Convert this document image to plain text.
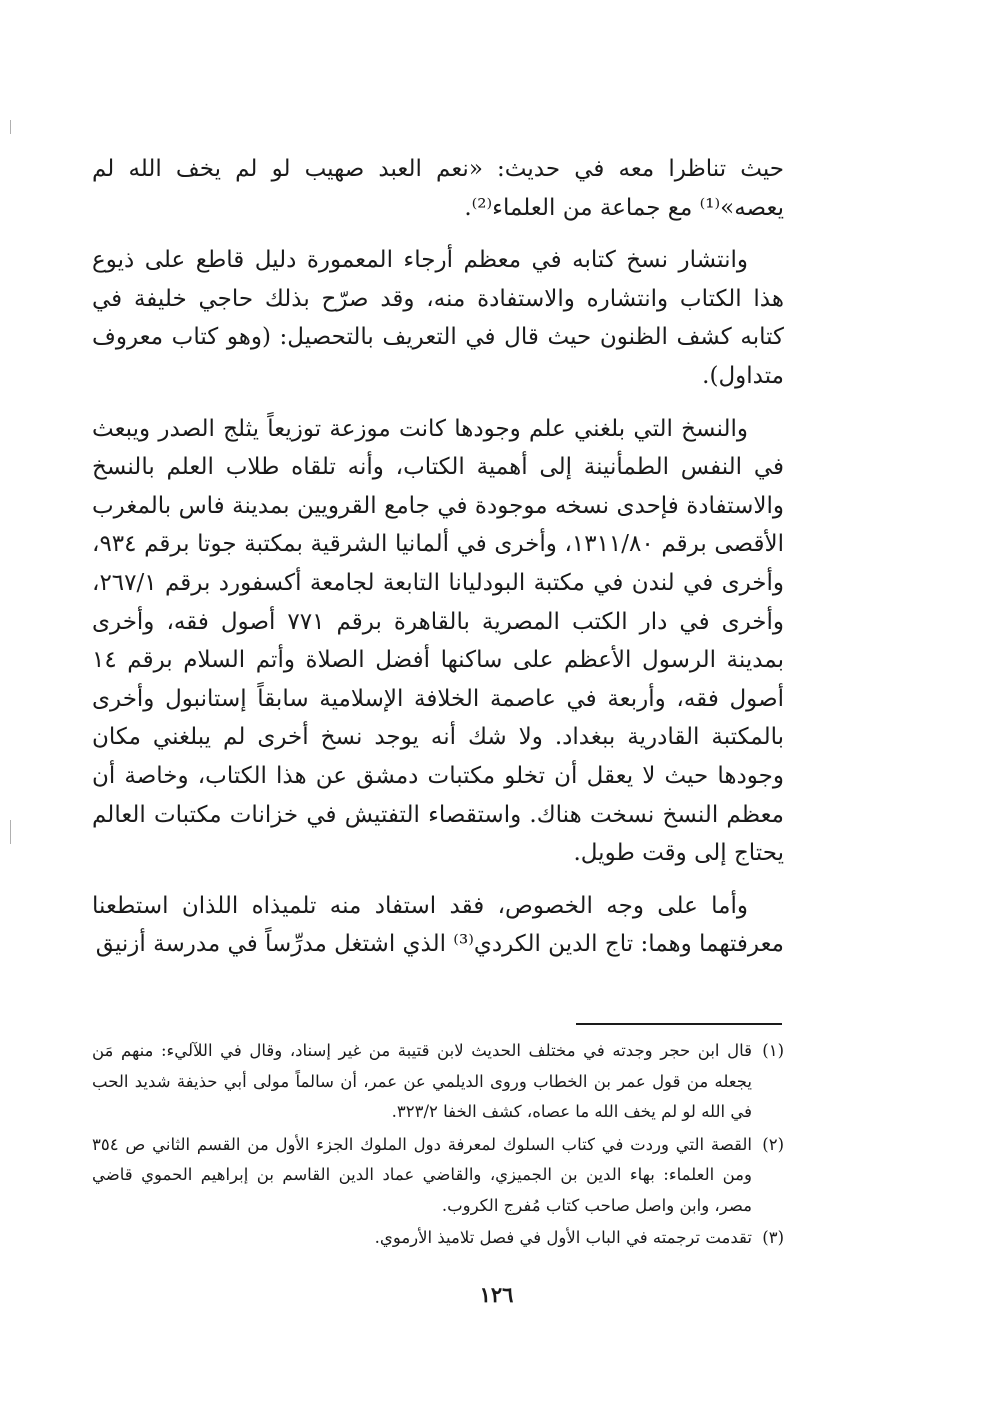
حيث تناظرا معه في حديث: «نعم العبد صهيب لو لم يخف الله لم يعصه»⁽¹⁾ مع جماعة من العلماء⁽²⁾.

وانتشار نسخ كتابه في معظم أرجاء المعمورة دليل قاطع على ذيوع هذا الكتاب وانتشاره والاستفادة منه، وقد صرّح بذلك حاجي خليفة في كتابه كشف الظنون حيث قال في التعريف بالتحصيل: (وهو كتاب معروف متداول).

والنسخ التي بلغني علم وجودها كانت موزعة توزيعاً يثلج الصدر ويبعث في النفس الطمأنينة إلى أهمية الكتاب، وأنه تلقاه طلاب العلم بالنسخ والاستفادة فإحدى نسخه موجودة في جامع القرويين بمدينة فاس بالمغرب الأقصى برقم ١٣١١/٨٠، وأخرى في ألمانيا الشرقية بمكتبة جوتا برقم ٩٣٤، وأخرى في لندن في مكتبة البودليانا التابعة لجامعة أكسفورد برقم ٢٦٧/١، وأخرى في دار الكتب المصرية بالقاهرة برقم ٧٧١ أصول فقه، وأخرى بمدينة الرسول الأعظم على ساكنها أفضل الصلاة وأتم السلام برقم ١٤ أصول فقه، وأربعة في عاصمة الخلافة الإسلامية سابقاً إستانبول وأخرى بالمكتبة القادرية ببغداد. ولا شك أنه يوجد نسخ أخرى لم يبلغني مكان وجودها حيث لا يعقل أن تخلو مكتبات دمشق عن هذا الكتاب، وخاصة أن معظم النسخ نسخت هناك. واستقصاء التفتيش في خزانات مكتبات العالم يحتاج إلى وقت طويل.

وأما على وجه الخصوص، فقد استفاد منه تلميذاه اللذان استطعنا معرفتهما وهما: تاج الدين الكردي⁽³⁾ الذي اشتغل مدرِّساً في مدرسة أزنيق

(١)
قال ابن حجر وجدته في مختلف الحديث لابن قتيبة من غير إسناد، وقال في اللآليء: منهم مَن يجعله من قول عمر بن الخطاب وروى الديلمي عن عمر، أن سالماً مولى أبي حذيفة شديد الحب في الله لو لم يخف الله ما عصاه، كشف الخفا ٣٢٣/٢.
(٢)
القصة التي وردت في كتاب السلوك لمعرفة دول الملوك الجزء الأول من القسم الثاني ص ٣٥٤ ومن العلماء: بهاء الدين بن الجميزي، والقاضي عماد الدين القاسم بن إبراهيم الحموي قاضي مصر، وابن واصل صاحب كتاب مُفرج الكروب.
(٣)
تقدمت ترجمته في الباب الأول في فصل تلاميذ الأرموي.
١٢٦
